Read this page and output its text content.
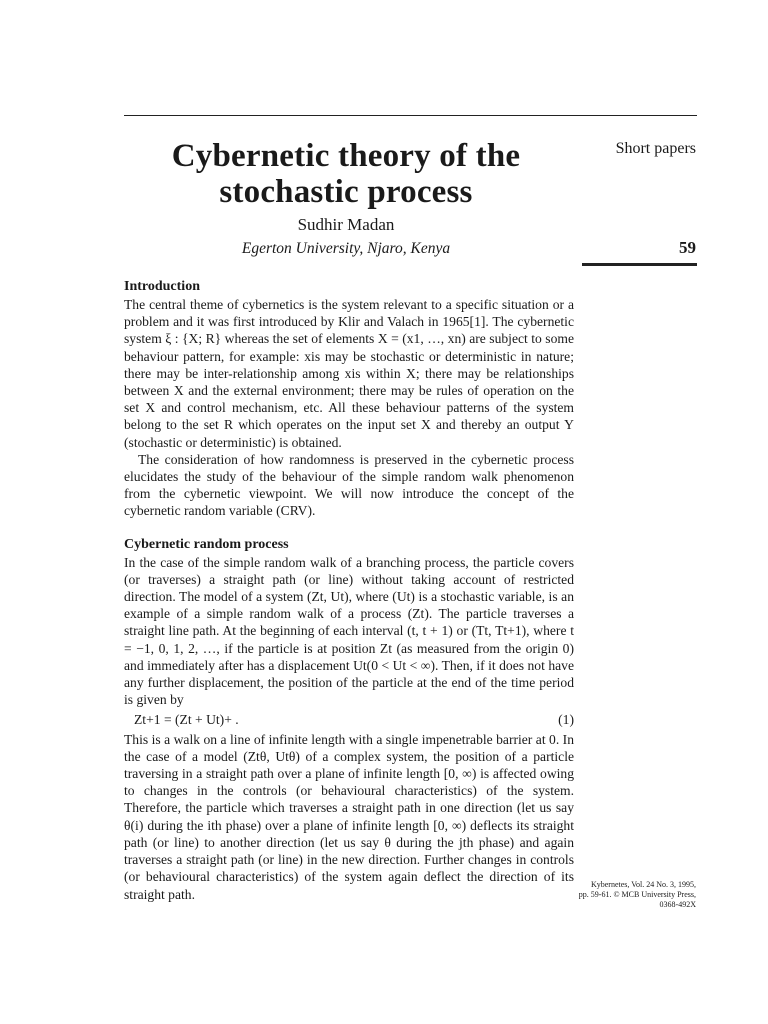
Short papers
59
Cybernetic theory of the
stochastic process
Sudhir Madan
Egerton University, Njaro, Kenya
Introduction

The central theme of cybernetics is the system relevant to a specific situation or a problem and it was first introduced by Klir and Valach in 1965[1]. The cybernetic system ξ : {X; R} whereas the set of elements X = (x1, …, xn) are subject to some behaviour pattern, for example: xis may be stochastic or deterministic in nature; there may be inter-relationship among xis within X; there may be relationships between X and the external environment; there may be rules of operation on the set X and control mechanism, etc. All these behaviour patterns of the system belong to the set R which operates on the input set X and thereby an output Y (stochastic or deterministic) is obtained.

The consideration of how randomness is preserved in the cybernetic process elucidates the study of the behaviour of the simple random walk phenomenon from the cybernetic viewpoint. We will now introduce the concept of the cybernetic random variable (CRV).

Cybernetic random process

In the case of the simple random walk of a branching process, the particle covers (or traverses) a straight path (or line) without taking account of restricted direction. The model of a system (Zt, Ut), where (Ut) is a stochastic variable, is an example of a simple random walk of a process (Zt). The particle traverses a straight line path. At the beginning of each interval (t, t + 1) or (Tt, Tt+1), where t = −1, 0, 1, 2, …, if the particle is at position Zt (as measured from the origin 0) and immediately after has a displacement Ut(0 < Ut < ∞). Then, if it does not have any further displacement, the position of the particle at the end of the time period is given by

Zt+1 = (Zt + Ut)+ .	(1)

This is a walk on a line of infinite length with a single impenetrable barrier at 0. In the case of a model (Ztθ, Utθ) of a complex system, the position of a particle traversing in a straight path over a plane of infinite length [0, ∞) is affected owing to changes in the controls (or behavioural characteristics) of the system. Therefore, the particle which traverses a straight path in one direction (let us say θ(i) during the ith phase) over a plane of infinite length [0, ∞) deflects its straight path (or line) to another direction (let us say θ during the jth phase) and again traverses a straight path (or line) in the new direction. Further changes in controls (or behavioural characteristics) of the system again deflect the direction of its straight path.

Kybernetes, Vol. 24 No. 3, 1995,
pp. 59-61. © MCB University Press,
0368-492X
